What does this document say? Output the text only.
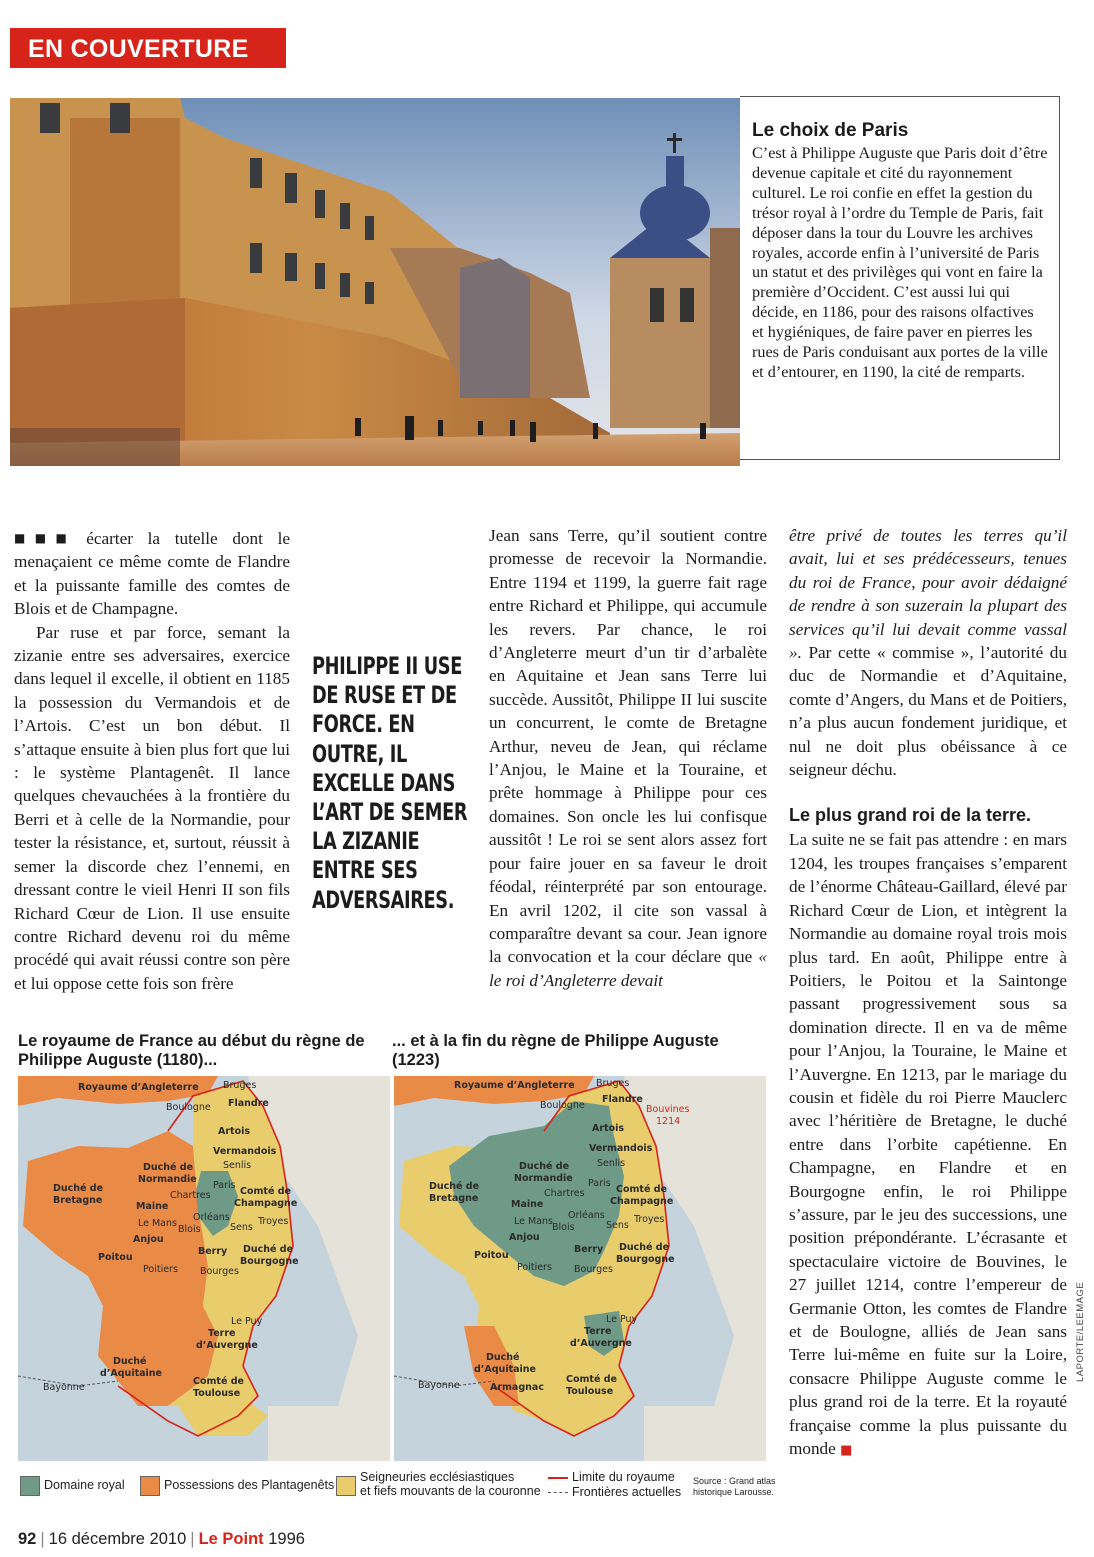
EN COUVERTURE
Le choix de Paris

C’est à Philippe Auguste que Paris doit d’être devenue capitale et cité du rayonnement culturel. Le roi confie en effet la gestion du trésor royal à l’ordre du Temple de Paris, fait déposer dans la tour du Louvre les archives royales, accorde enfin à l’université de Paris un statut et des privilèges qui vont en faire la première d’Occident. C’est aussi lui qui décide, en 1186, pour des raisons olfactives et hygiéniques, de faire paver en pierres les rues de Paris conduisant aux portes de la ville et d’entourer, en 1190, la cité de remparts.

■■■ écarter la tutelle dont le menaçaient ce même comte de Flandre et la puissante famille des comtes de Blois et de Champagne.

Par ruse et par force, semant la zizanie entre ses adversaires, exercice dans lequel il excelle, il obtient en 1185 la possession du Vermandois et de l’Artois. C’est un bon début. Il s’attaque ensuite à bien plus fort que lui : le système Plantagenêt. Il lance quelques chevauchées à la frontière du Berri et à celle de la Normandie, pour tester la résistance, et, surtout, réussit à semer la discorde chez l’ennemi, en dressant contre le vieil Henri II son fils Richard Cœur de Lion. Il use ensuite contre Richard devenu roi du même procédé qui avait réussi contre son père et lui oppose cette fois son frère

PHILIPPE II USE DE RUSE ET DE FORCE. EN OUTRE, IL EXCELLE DANS L’ART DE SEMER LA ZIZANIE ENTRE SES ADVERSAIRES.

Jean sans Terre, qu’il soutient contre promesse de recevoir la Normandie. Entre 1194 et 1199, la guerre fait rage entre Richard et Philippe, qui accumule les revers. Par chance, le roi d’Angleterre meurt d’un tir d’arbalète en Aquitaine et Jean sans Terre lui succède. Aussitôt, Philippe II lui suscite un concurrent, le comte de Bretagne Arthur, neveu de Jean, qui réclame l’Anjou, le Maine et la Touraine, et prête hommage à Philippe pour ces domaines. Son oncle les lui confisque aussitôt ! Le roi se sent alors assez fort pour faire jouer en sa faveur le droit féodal, réinterprété par son entourage. En avril 1202, il cite son vassal à comparaître devant sa cour. Jean ignore la convocation et la cour déclare que « le roi d’Angleterre devait

être privé de toutes les terres qu’il avait, lui et ses prédécesseurs, tenues du roi de France, pour avoir dédaigné de rendre à son suzerain la plupart des services qu’il lui devait comme vassal ». Par cette « commise », l’autorité du duc de Normandie et d’Aquitaine, comte d’Angers, du Mans et de Poitiers, n’a plus aucun fondement juridique, et nul ne doit plus obéissance à ce seigneur déchu.

Le plus grand roi de la terre.

La suite ne se fait pas attendre : en mars 1204, les troupes françaises s’emparent de l’énorme Château-Gaillard, élevé par Richard Cœur de Lion, et intègrent la Normandie au domaine royal trois mois plus tard. En août, Philippe entre à Poitiers, le Poitou et la Saintonge passant progressivement sous sa domination directe. Il en va de même pour l’Anjou, la Touraine, le Maine et l’Auvergne. En 1213, par le mariage du cousin et fidèle du roi Pierre Mauclerc avec l’héritière de Bretagne, le duché entre dans l’orbite capétienne. En Champagne, en Flandre et en Bourgogne enfin, le roi Philippe s’assure, par le jeu des successions, une position prépondérante. L’écrasante et spectaculaire victoire de Bouvines, le 27 juillet 1214, contre l’empereur de Germanie Otton, les comtes de Flandre et de Boulogne, alliés de Jean sans Terre lui-même en fuite sur la Loire, consacre Philippe Auguste comme le plus grand roi de la terre. Et la royauté française comme la plus puissante du monde ■

Le royaume de France au début du règne de Philippe Auguste (1180)...
... et à la fin du règne de Philippe Auguste (1223)
Royaume d’Angleterre	Bruges
Boulogne Flandre
Artois
Vermandois
Senlis
Duché de
Normandie
Paris
Chartres	Comté de
Champagne
Duché de
Bretagne
Maine
Orléans	Troyes
Le Mans
Blois	Sens
Anjou
Berry Duché de
Bourgogne
Poitou
Poitiers Bourges
Le Puy
Terre
d’Auvergne
Duché
d’Aquitaine
Bayonne
Comté de
Toulouse
Royaume d’Angleterre Bruges
Boulogne
Flandre
Bouvines
1214
Artois
Vermandois
Senlis
Duché de
Normandie Paris
Chartres	Comté de
Champagne
Duché de
Bretagne
Maine
Orléans	Troyes
Le Mans
Blois	Sens
Anjou
Berry Duché de
Bourgogne
Poitou
Poitiers Bourges
Le Puy
Terre
d’Auvergne
Duché
d’Aquitaine
Armagnac
Bayonne
Comté de
Toulouse
Domaine royal	Possessions des Plantagenêts
Seigneuries ecclésiastiques
et fiefs mouvants de la couronne
Limite du royaume
Frontières actuelles
Source : Grand atlas
historique Larousse.
LAPORTE/LEEMAGE
92 | 16 décembre 2010 | Le Point 1996
